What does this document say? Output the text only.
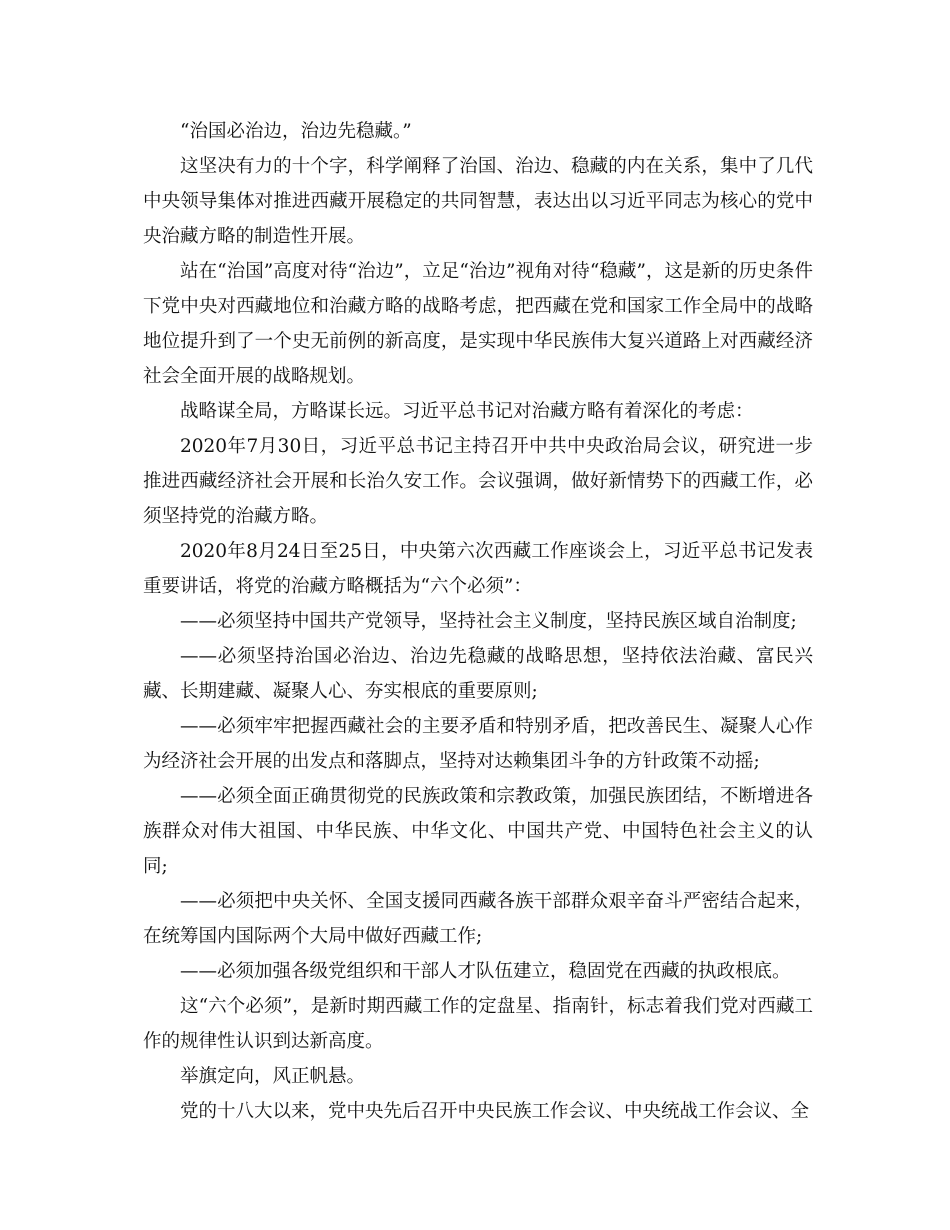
“治国必治边，治边先稳藏。”

这坚决有力的十个字，科学阐释了治国、治边、稳藏的内在关系，集中了几代中央领导集体对推进西藏开展稳定的共同智慧，表达出以习近平同志为核心的党中央治藏方略的制造性开展。

站在“治国”高度对待“治边”，立足“治边”视角对待“稳藏”，这是新的历史条件下党中央对西藏地位和治藏方略的战略考虑，把西藏在党和国家工作全局中的战略地位提升到了一个史无前例的新高度，是实现中华民族伟大复兴道路上对西藏经济社会全面开展的战略规划。

战略谋全局，方略谋长远。习近平总书记对治藏方略有着深化的考虑：

2020年7月30日，习近平总书记主持召开中共中央政治局会议，研究进一步推进西藏经济社会开展和长治久安工作。会议强调，做好新情势下的西藏工作，必须坚持党的治藏方略。

2020年8月24日至25日，中央第六次西藏工作座谈会上，习近平总书记发表重要讲话，将党的治藏方略概括为“六个必须”：

——必须坚持中国共产党领导，坚持社会主义制度，坚持民族区域自治制度;

——必须坚持治国必治边、治边先稳藏的战略思想，坚持依法治藏、富民兴藏、长期建藏、凝聚人心、夯实根底的重要原则;

——必须牢牢把握西藏社会的主要矛盾和特别矛盾，把改善民生、凝聚人心作为经济社会开展的出发点和落脚点，坚持对达赖集团斗争的方针政策不动摇;

——必须全面正确贯彻党的民族政策和宗教政策，加强民族团结，不断增进各族群众对伟大祖国、中华民族、中华文化、中国共产党、中国特色社会主义的认同;

——必须把中央关怀、全国支援同西藏各族干部群众艰辛奋斗严密结合起来，在统筹国内国际两个大局中做好西藏工作;

——必须加强各级党组织和干部人才队伍建立，稳固党在西藏的执政根底。

这“六个必须”，是新时期西藏工作的定盘星、指南针，标志着我们党对西藏工作的规律性认识到达新高度。

举旗定向，风正帆悬。

党的十八大以来，党中央先后召开中央民族工作会议、中央统战工作会议、全
